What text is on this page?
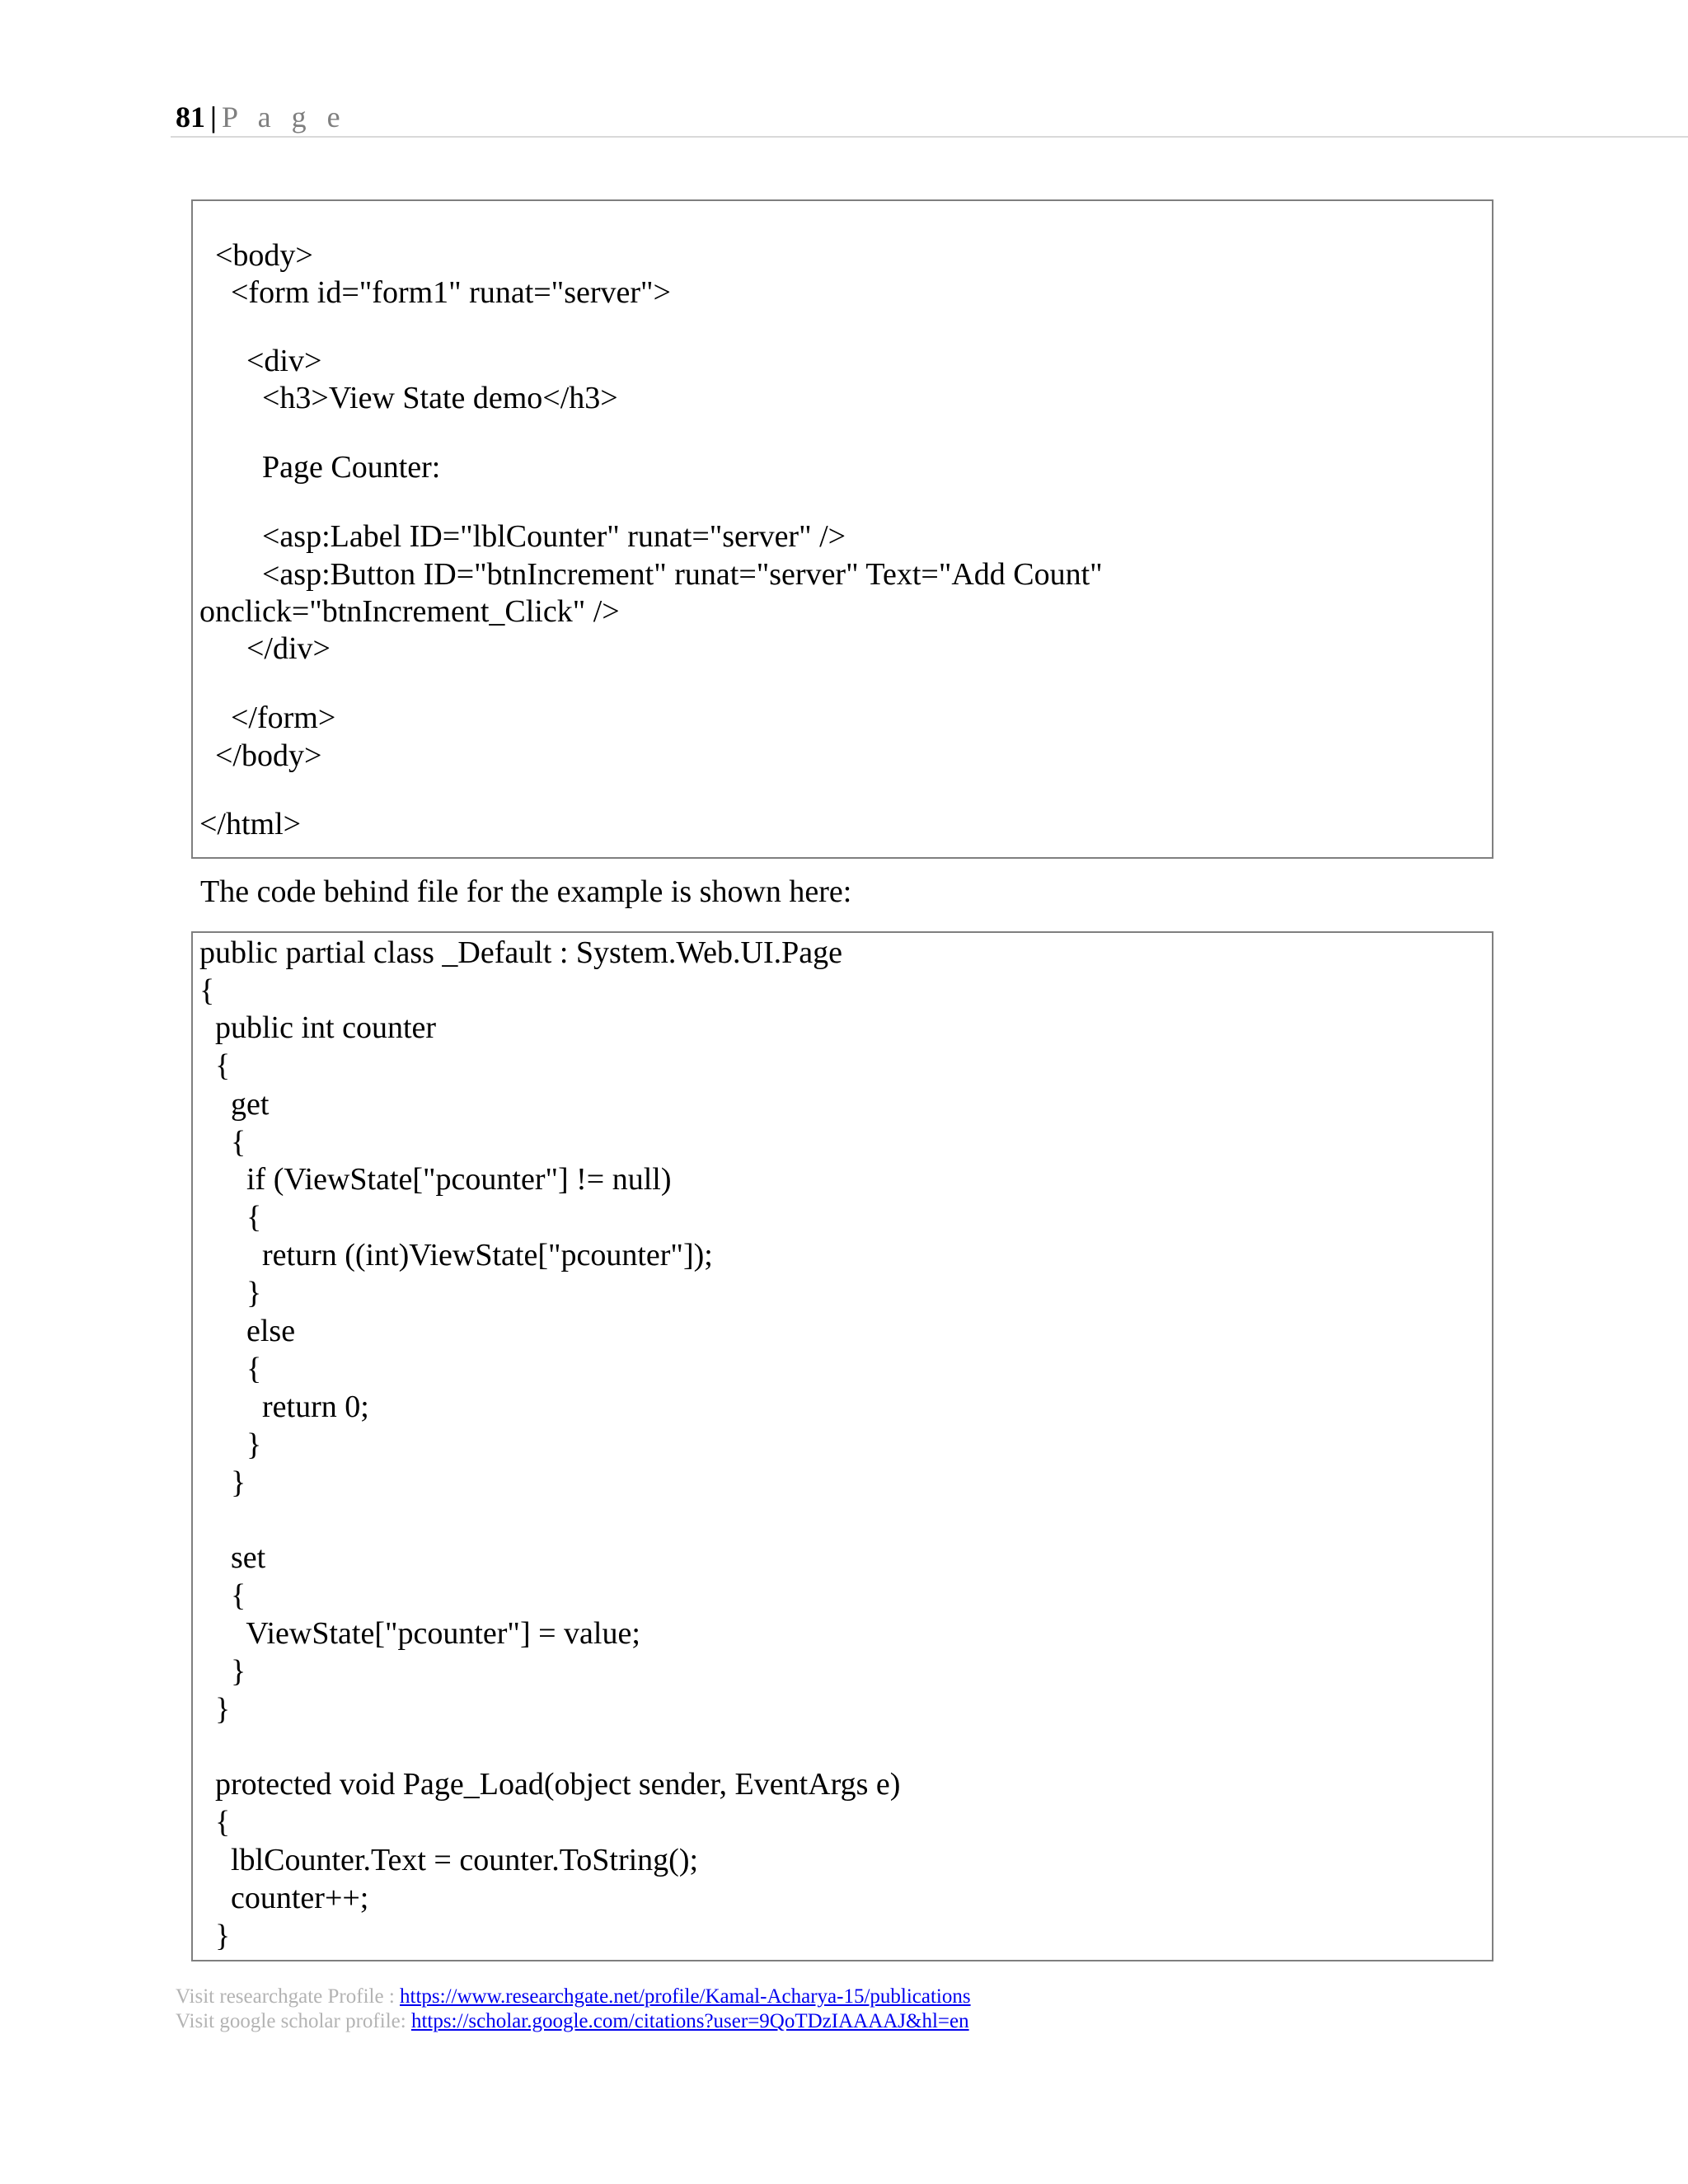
81 | P a g e
<body>
<form id="form1" runat="server">
<div>
<h3>View State demo</h3>
Page Counter:
<asp:Label ID="lblCounter" runat="server" />
<asp:Button ID="btnIncrement" runat="server" Text="Add Count"
onclick="btnIncrement_Click" />
</div>
</form>
</body>
</html>
The code behind file for the example is shown here:
public partial class _Default : System.Web.UI.Page
{
public int counter
{
get
{
if (ViewState["pcounter"] != null)
{
return ((int)ViewState["pcounter"]);
}
else
{
return 0;
}
}
set
{
ViewState["pcounter"] = value;
}
}
protected void Page_Load(object sender, EventArgs e)
{
lblCounter.Text = counter.ToString();
counter++;
}
Visit researchgate Profile : https://www.researchgate.net/profile/Kamal-Acharya-15/publications
Visit google scholar profile: https://scholar.google.com/citations?user=9QoTDzIAAAAJ&hl=en
